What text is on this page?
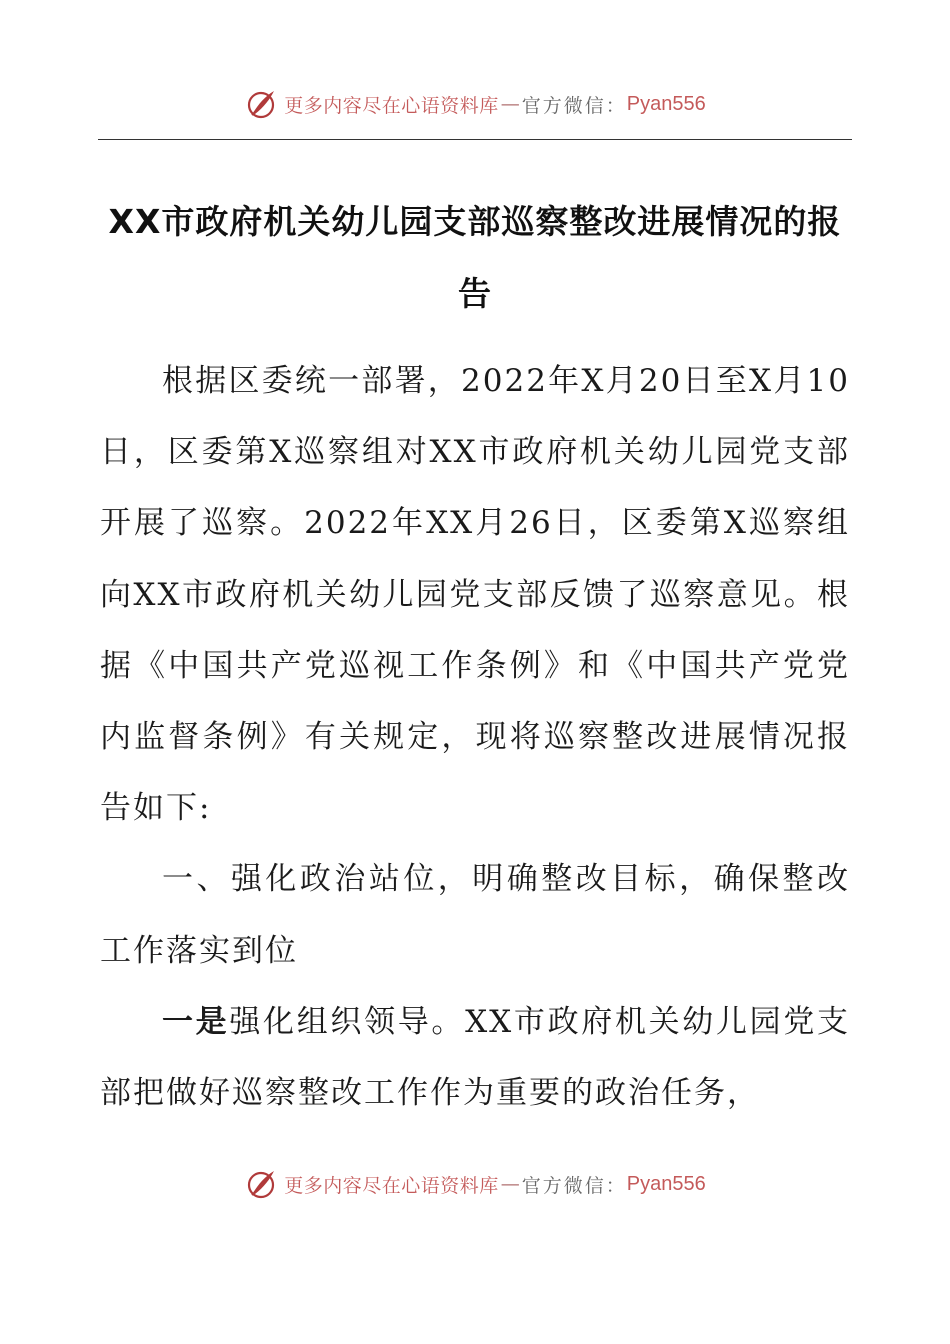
更多内容尽在心语资料库 — 官方微信： Pyan556
XX市政府机关幼儿园支部巡察整改进展情况的报告

根据区委统一部署，2022年X月20日至X月10日，区委第X巡察组对XX市政府机关幼儿园党支部开展了巡察。2022年XX月26日，区委第X巡察组向XX市政府机关幼儿园党支部反馈了巡察意见。根据《中国共产党巡视工作条例》和《中国共产党党内监督条例》有关规定，现将巡察整改进展情况报告如下:

一、强化政治站位，明确整改目标，确保整改工作落实到位

一是强化组织领导。XX市政府机关幼儿园党支部把做好巡察整改工作作为重要的政治任务，

更多内容尽在心语资料库 — 官方微信： Pyan556
